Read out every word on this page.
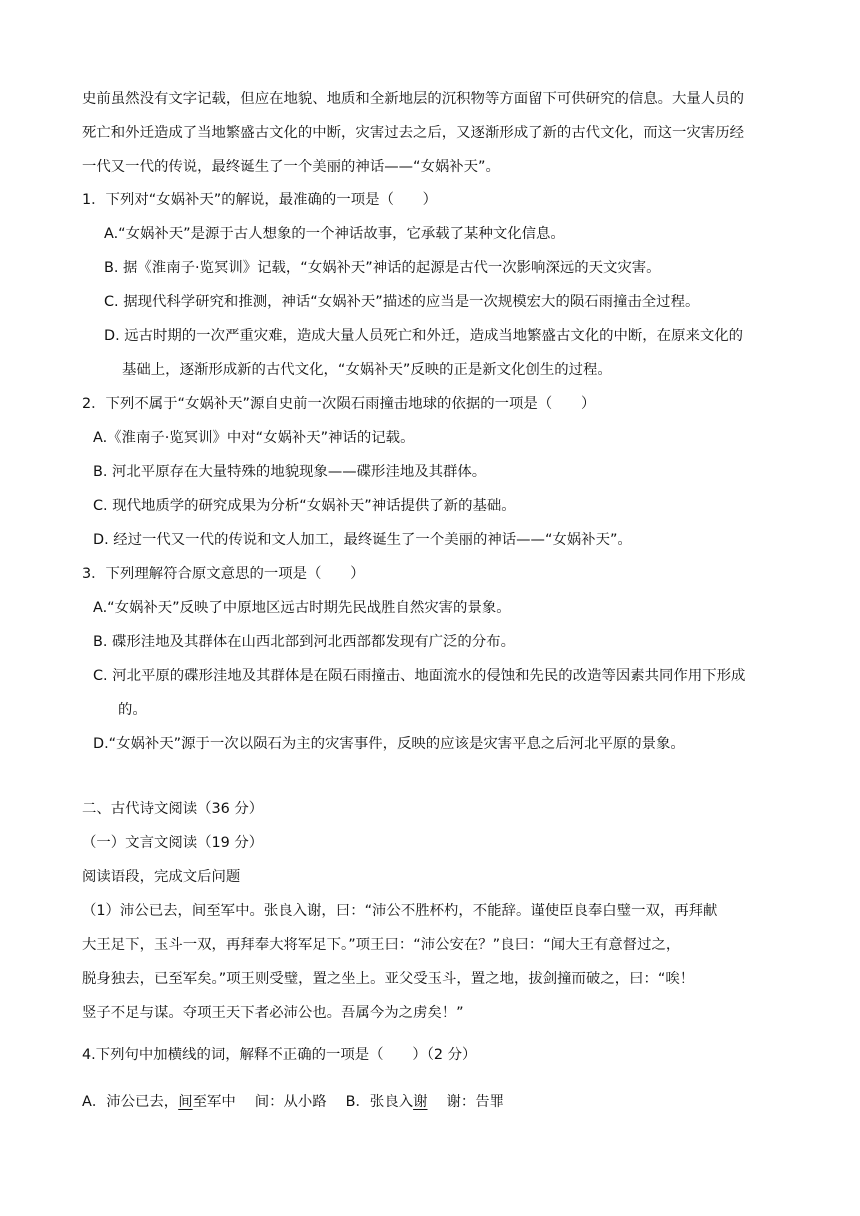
史前虽然没有文字记载，但应在地貌、地质和全新地层的沉积物等方面留下可供研究的信息。大量人员的
死亡和外迁造成了当地繁盛古文化的中断，灾害过去之后，又逐渐形成了新的古代文化，而这一灾害历经
一代又一代的传说，最终诞生了一个美丽的神话——“女娲补天”。
1．下列对“女娲补天”的解说，最准确的一项是（　　）
A.“女娲补天”是源于古人想象的一个神话故事，它承载了某种文化信息。
B. 据《淮南子·览冥训》记载，“女娲补天”神话的起源是古代一次影响深远的天文灾害。
C. 据现代科学研究和推测，神话“女娲补天”描述的应当是一次规模宏大的陨石雨撞击全过程。
D. 远古时期的一次严重灾难，造成大量人员死亡和外迁，造成当地繁盛古文化的中断，在原来文化的
基础上，逐渐形成新的古代文化，“女娲补天”反映的正是新文化创生的过程。
2．下列不属于“女娲补天”源自史前一次陨石雨撞击地球的依据的一项是（　　）
A.《淮南子·览冥训》中对“女娲补天”神话的记载。
B. 河北平原存在大量特殊的地貌现象——碟形洼地及其群体。
C. 现代地质学的研究成果为分析“女娲补天”神话提供了新的基础。
D. 经过一代又一代的传说和文人加工，最终诞生了一个美丽的神话——“女娲补天”。
3．下列理解符合原文意思的一项是（　　）
A.“女娲补天”反映了中原地区远古时期先民战胜自然灾害的景象。
B. 碟形洼地及其群体在山西北部到河北西部都发现有广泛的分布。
C. 河北平原的碟形洼地及其群体是在陨石雨撞击、地面流水的侵蚀和先民的改造等因素共同作用下形成
的。
D.“女娲补天”源于一次以陨石为主的灾害事件，反映的应该是灾害平息之后河北平原的景象。
二、古代诗文阅读（36 分）
（一）文言文阅读（19 分）
阅读语段，完成文后问题
（1）沛公已去，间至军中。张良入谢，曰：“沛公不胜杯杓，不能辞。谨使臣良奉白璧一双，再拜献
大王足下，玉斗一双，再拜奉大将军足下。”项王曰：“沛公安在？”良曰：“闻大王有意督过之，
脱身独去，已至军矣。”项王则受璧，置之坐上。亚父受玉斗，置之地，拔剑撞而破之，曰：“唉！
竖子不足与谋。夺项王天下者必沛公也。吾属今为之虏矣！”
4.下列句中加横线的词，解释不正确的一项是（　　）（2 分）
A．沛公已去，间至军中　 间：从小路　 B．张良入谢　 谢：告罪
